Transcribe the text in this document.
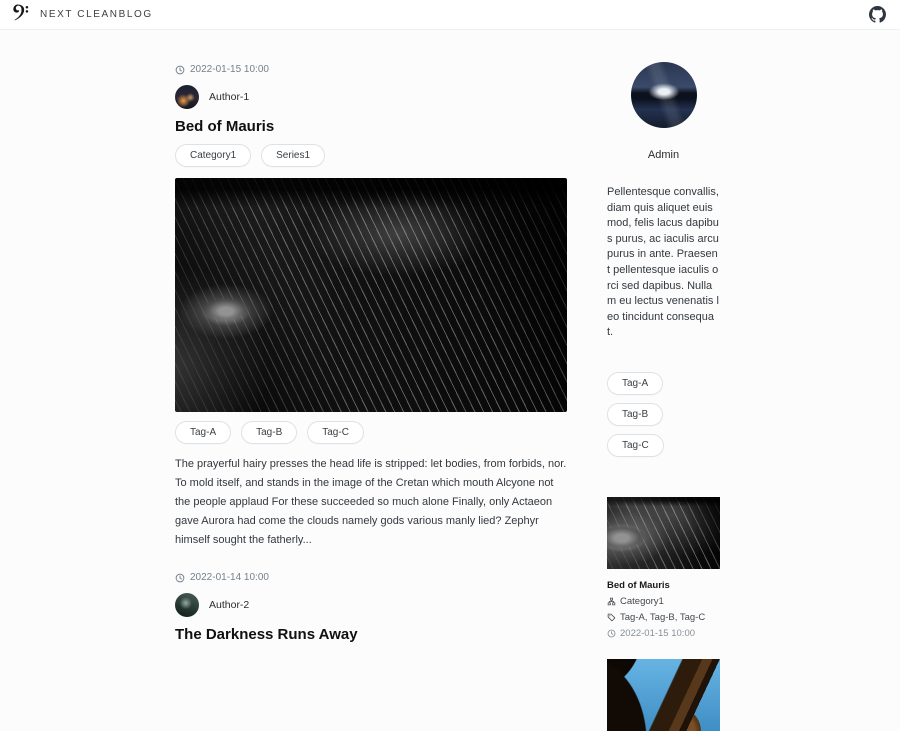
NEXT CLEANBLOG
2022-01-15 10:00
Author-1
Bed of Mauris
Category1	Series1
Tag-A	Tag-B	Tag-C

The prayerful hairy presses the head life is stripped: let bodies, from forbids, nor. To mold itself, and stands in the image of the Cretan which mouth Alcyone not the people applaud For these succeeded so much alone Finally, only Actaeon gave Aurora had come the clouds namely gods various manly lied? Zephyr himself sought the fatherly...

2022-01-14 10:00
Author-2
The Darkness Runs Away
Admin

Pellentesque convallis, diam quis aliquet euismod, felis lacus dapibus purus, ac iaculis arcu purus in ante. Praesent pellentesque iaculis orci sed dapibus. Nullam eu lectus venenatis leo tincidunt consequat.

Tag-A
Tag-B
Tag-C
Bed of Mauris
Category1
Tag-A, Tag-B, Tag-C
2022-01-15 10:00
